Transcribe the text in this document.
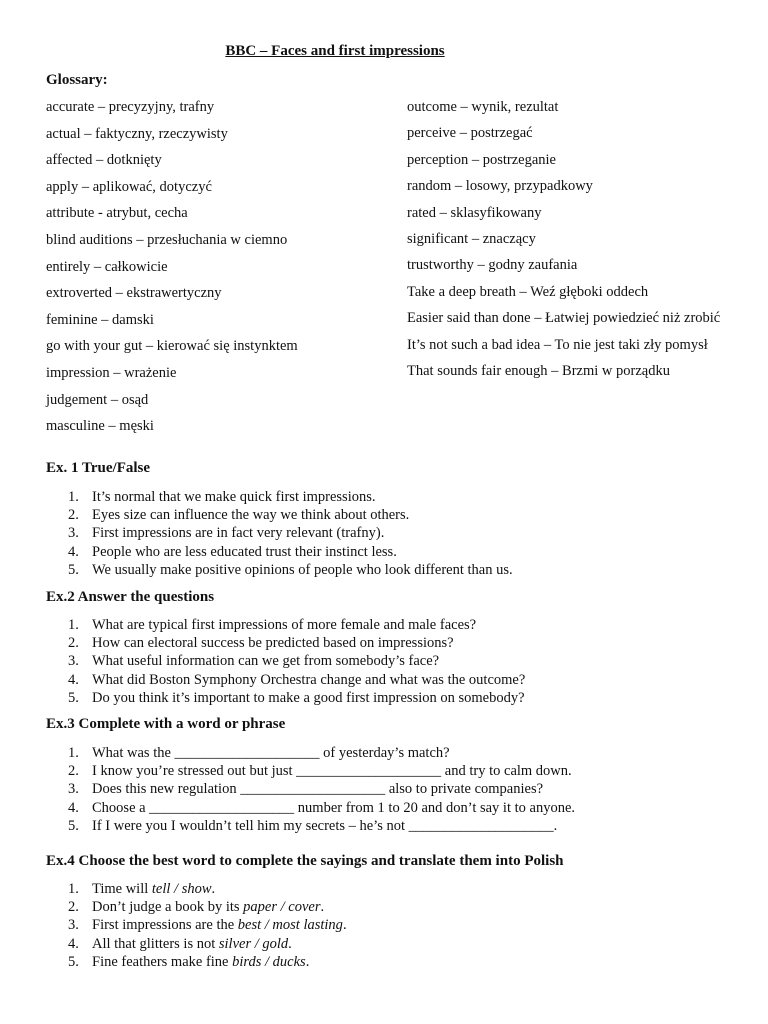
BBC – Faces and first impressions
Glossary:
accurate – precyzyjny, trafny
actual – faktyczny, rzeczywisty
affected – dotknięty
apply – aplikować, dotyczyć
attribute - atrybut, cecha
blind auditions – przesłuchania w ciemno
entirely – całkowicie
extroverted – ekstrawertyczny
feminine – damski
go with your gut – kierować się instynktem
impression – wrażenie
judgement – osąd
masculine – męski
outcome – wynik, rezultat
perceive – postrzegać
perception – postrzeganie
random – losowy, przypadkowy
rated – sklasyfikowany
significant – znaczący
trustworthy – godny zaufania
Take a deep breath – Weź głęboki oddech
Easier said than done – Łatwiej powiedzieć niż zrobić
It’s not such a bad idea – To nie jest taki zły pomysł
That sounds fair enough – Brzmi w porządku
Ex. 1 True/False
1. It’s normal that we make quick first impressions.
2. Eyes size can influence the way we think about others.
3. First impressions are in fact very relevant (trafny).
4. People who are less educated trust their instinct less.
5. We usually make positive opinions of people who look different than us.
Ex.2 Answer the questions
1. What are typical first impressions of more female and male faces?
2. How can electoral success be predicted based on impressions?
3. What useful information can we get from somebody’s face?
4. What did Boston Symphony Orchestra change and what was the outcome?
5. Do you think it’s important to make a good first impression on somebody?
Ex.3 Complete with a word or phrase
1. What was the ____________________ of yesterday’s match?
2. I know you’re stressed out but just ____________________ and try to calm down.
3. Does this new regulation ____________________ also to private companies?
4. Choose a ____________________ number from 1 to 20 and don’t say it to anyone.
5. If I were you I wouldn’t tell him my secrets – he’s not ____________________.
Ex.4 Choose the best word to complete the sayings and translate them into Polish
1. Time will tell / show.
2. Don’t judge a book by its paper / cover.
3. First impressions are the best / most lasting.
4. All that glitters is not silver / gold.
5. Fine feathers make fine birds / ducks.
